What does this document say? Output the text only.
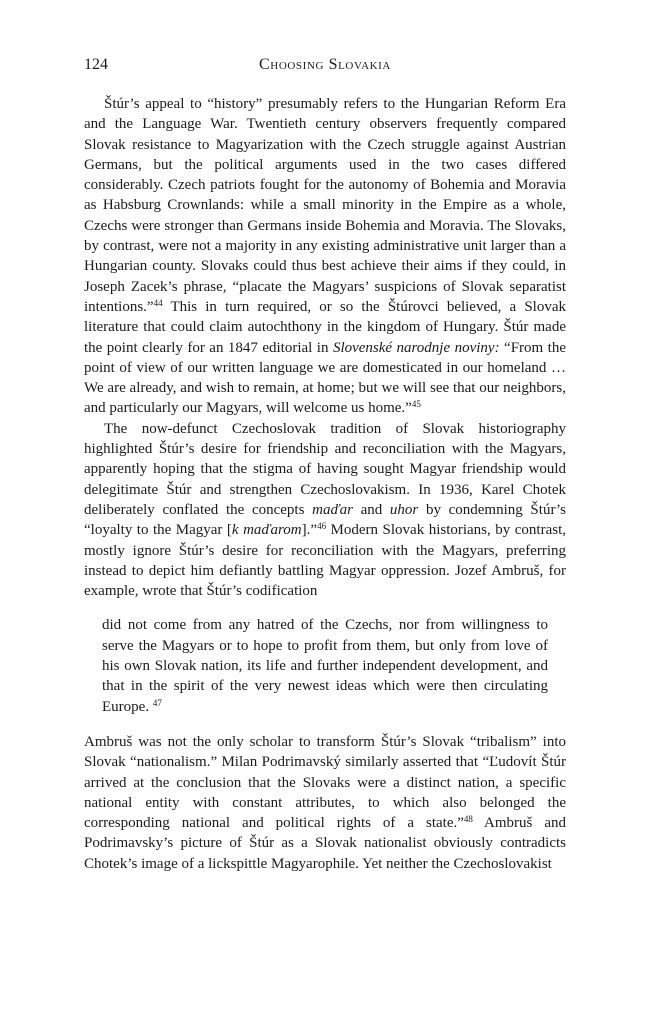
124	Choosing Slovakia

Štúr’s appeal to “history” presumably refers to the Hungarian Reform Era and the Language War. Twentieth century observers frequently compared Slovak resistance to Magyarization with the Czech struggle against Austrian Germans, but the political arguments used in the two cases differed considerably. Czech patriots fought for the autonomy of Bohemia and Moravia as Habsburg Crownlands: while a small minority in the Empire as a whole, Czechs were stronger than Germans inside Bohemia and Moravia. The Slovaks, by contrast, were not a majority in any existing administrative unit larger than a Hungarian county. Slovaks could thus best achieve their aims if they could, in Joseph Zacek’s phrase, “placate the Magyars’ suspicions of Slovak separatist intentions.”$^{44}$ This in turn required, or so the Štúrovci believed, a Slovak literature that could claim autochthony in the kingdom of Hungary. Štúr made the point clearly for an 1847 editorial in Slovenské narodnje noviny: “From the point of view of our written language we are domesticated in our homeland … We are already, and wish to remain, at home; but we will see that our neighbors, and particularly our Magyars, will welcome us home.”$^{45}$

The now-defunct Czechoslovak tradition of Slovak historiography highlighted Štúr’s desire for friendship and reconciliation with the Magyars, apparently hoping that the stigma of having sought Magyar friendship would delegitimate Štúr and strengthen Czechoslovakism. In 1936, Karel Chotek deliberately conflated the concepts maďar and uhor by condemning Štúr’s “loyalty to the Magyar [k maďarom].”$^{46}$ Modern Slovak historians, by contrast, mostly ignore Štúr’s desire for reconciliation with the Magyars, preferring instead to depict him defiantly battling Magyar oppression. Jozef Ambruš, for example, wrote that Štúr’s codification

did not come from any hatred of the Czechs, nor from willingness to serve the Magyars or to hope to profit from them, but only from love of his own Slovak nation, its life and further independent development, and that in the spirit of the very newest ideas which were then circulating Europe. $^{47}$

Ambruš was not the only scholar to transform Štúr’s Slovak “tribalism” into Slovak “nationalism.” Milan Podrimavský similarly asserted that “Ľudovít Štúr arrived at the conclusion that the Slovaks were a distinct nation, a specific national entity with constant attributes, to which also belonged the corresponding national and political rights of a state.”$^{48}$ Ambruš and Podrimavsky’s picture of Štúr as a Slovak nationalist obviously contradicts Chotek’s image of a lickspittle Magyarophile. Yet neither the Czechoslovakist
